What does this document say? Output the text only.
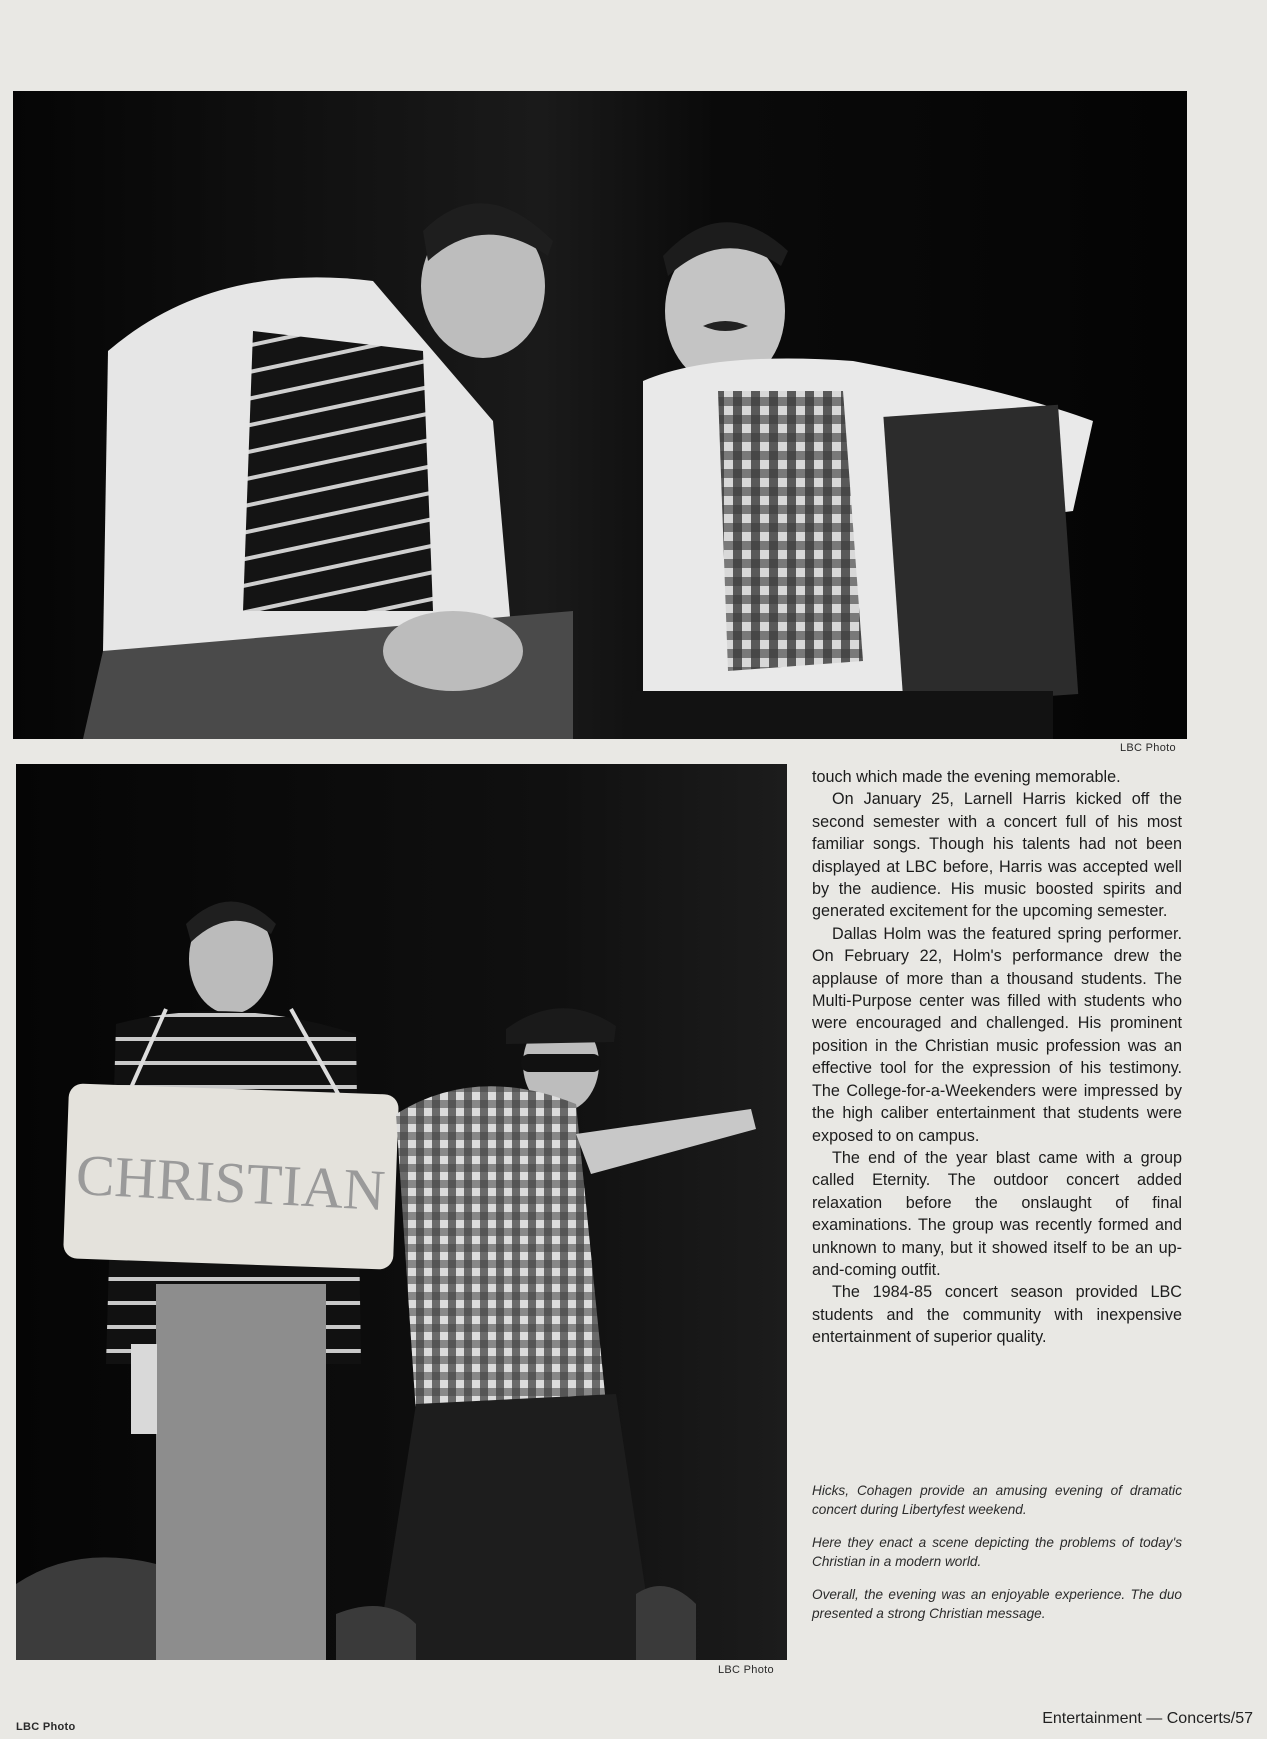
LBC Photo
CHRISTIAN
LBC Photo

touch which made the evening memorable.

On January 25, Larnell Harris kicked off the second semester with a concert full of his most familiar songs. Though his talents had not been displayed at LBC before, Harris was accepted well by the audience. His music boosted spirits and generated excitement for the upcoming semester.

Dallas Holm was the featured spring performer. On February 22, Holm's performance drew the applause of more than a thousand students. The Multi-Purpose center was filled with students who were encouraged and challenged. His prominent position in the Christian music profession was an effective tool for the expression of his testimony. The College-for-a-Weekenders were impressed by the high caliber entertainment that students were exposed to on campus.

The end of the year blast came with a group called Eternity. The outdoor concert added relaxation before the onslaught of final examinations. The group was recently formed and unknown to many, but it showed itself to be an up-and-coming outfit.

The 1984-85 concert season provided LBC students and the community with inexpensive entertainment of superior quality.

Hicks, Cohagen provide an amusing evening of dramatic concert during Libertyfest weekend.

Here they enact a scene depicting the problems of today's Christian in a modern world.

Overall, the evening was an enjoyable experience. The duo presented a strong Christian message.

LBC Photo	Entertainment — Concerts/57
